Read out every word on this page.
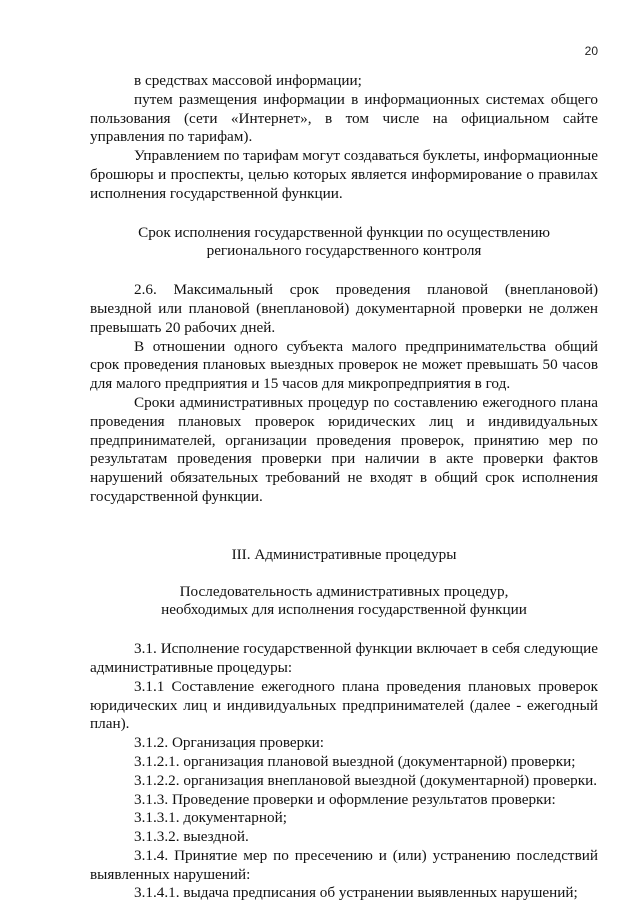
20

в средствах массовой информации;

путем размещения информации в информационных системах общего пользования (сети «Интернет», в том числе на официальном сайте управления по тарифам).

Управлением по тарифам могут создаваться буклеты, информационные брошюры и проспекты, целью которых является информирование о правилах исполнения государственной функции.

Срок исполнения государственной функции по осуществлению

регионального государственного контроля

2.6. Максимальный срок проведения плановой (внеплановой) выездной или плановой (внеплановой) документарной проверки не должен превышать 20 рабочих дней.

В отношении одного субъекта малого предпринимательства общий срок проведения плановых выездных проверок не может превышать 50 часов для малого предприятия и 15 часов для микропредприятия в год.

Сроки административных процедур по составлению ежегодного плана проведения плановых проверок юридических лиц и индивидуальных предпринимателей, организации проведения проверок, принятию мер по результатам проведения проверки при наличии в акте проверки фактов нарушений обязательных требований не входят в общий срок исполнения государственной функции.

III. Административные процедуры

Последовательность административных процедур,

необходимых для исполнения государственной функции

3.1. Исполнение государственной функции включает в себя следующие административные процедуры:

3.1.1 Составление ежегодного плана проведения плановых проверок юридических лиц и индивидуальных предпринимателей (далее - ежегодный план).

3.1.2. Организация проверки:

3.1.2.1. организация плановой выездной (документарной) проверки;

3.1.2.2. организация внеплановой выездной (документарной) проверки.

3.1.3. Проведение проверки и оформление результатов проверки:

3.1.3.1. документарной;

3.1.3.2. выездной.

3.1.4. Принятие мер по пресечению и (или) устранению последствий выявленных нарушений:

3.1.4.1. выдача предписания об устранении выявленных нарушений;
